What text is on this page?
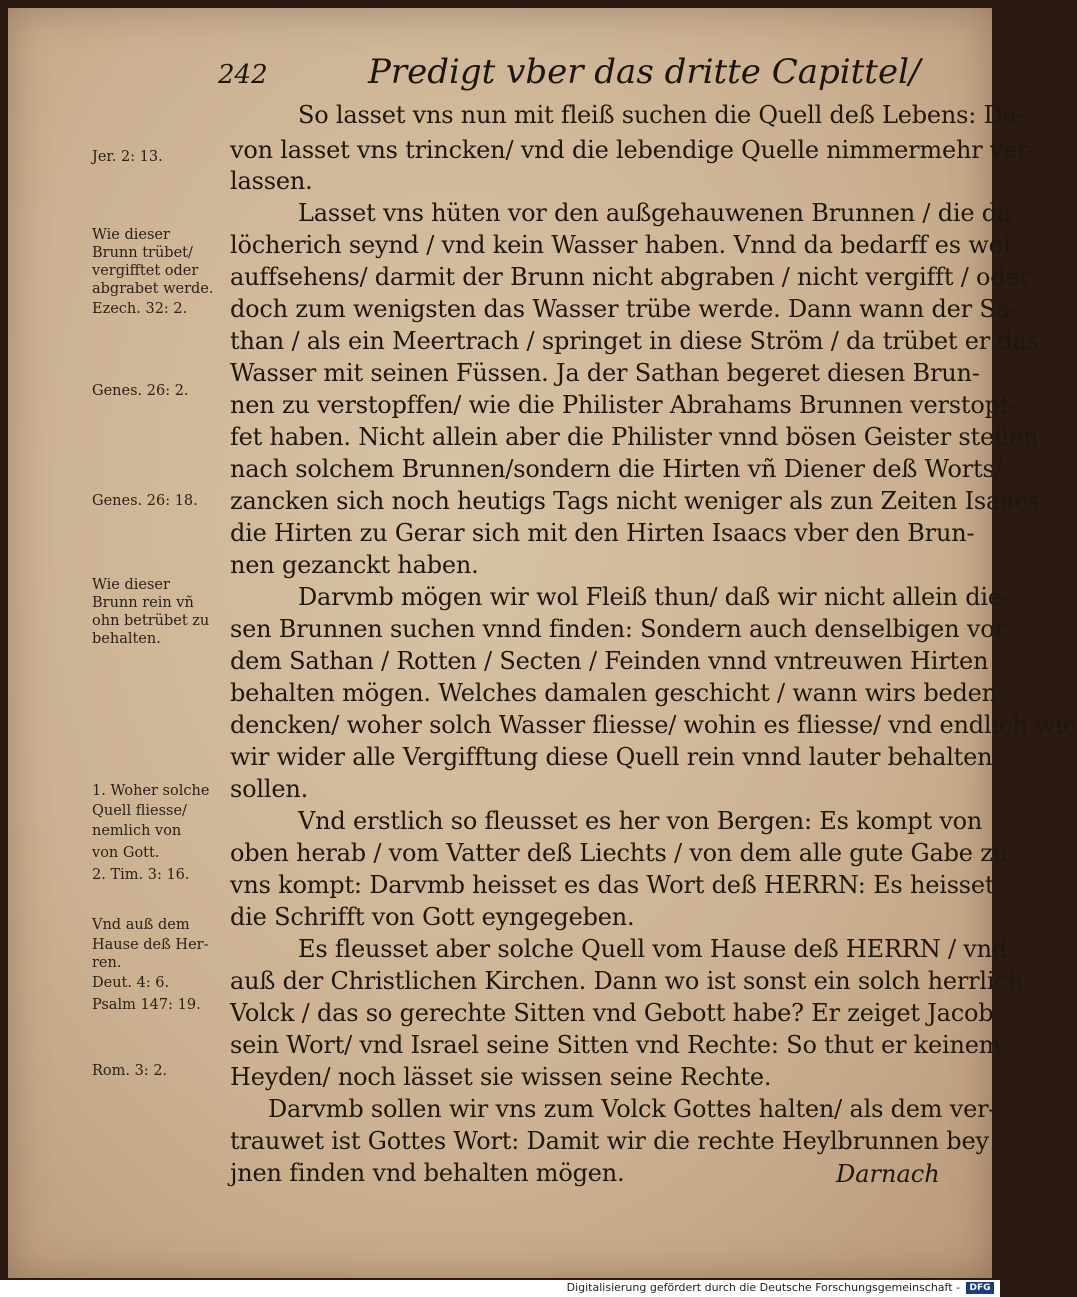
242	Predigt vber das dritte Capittel/
So lasset vns nun mit fleiß suchen die Quell deß Lebens: Da-
von lasset vns trincken/ vnd die lebendige Quelle nimmermehr ver-
lassen.
Lasset vns hüten vor den außgehauwenen Brunnen / die da
löcherich seynd / vnd kein Wasser haben. Vnnd da bedarff es wol
auffsehens/ darmit der Brunn nicht abgraben / nicht vergifft / oder
doch zum wenigsten das Wasser trübe werde. Dann wann der Sa-
than / als ein Meertrach / springet in diese Ström / da trübet er das
Wasser mit seinen Füssen. Ja der Sathan begeret diesen Brun-
nen zu verstopffen/ wie die Philister Abrahams Brunnen verstopf-
fet haben. Nicht allein aber die Philister vnnd bösen Geister stellen
nach solchem Brunnen/sondern die Hirten vñ Diener deß Worts/
zancken sich noch heutigs Tags nicht weniger als zun Zeiten Isaacs
die Hirten zu Gerar sich mit den Hirten Isaacs vber den Brun-
nen gezanckt haben.
Darvmb mögen wir wol Fleiß thun/ daß wir nicht allein die-
sen Brunnen suchen vnnd finden: Sondern auch denselbigen vor
dem Sathan / Rotten / Secten / Feinden vnnd vntreuwen Hirten
behalten mögen. Welches damalen geschicht / wann wirs beden-
dencken/ woher solch Wasser fliesse/ wohin es fliesse/ vnd endlich wie
wir wider alle Vergifftung diese Quell rein vnnd lauter behalten
sollen.
Vnd erstlich so fleusset es her von Bergen: Es kompt von
oben herab / vom Vatter deß Liechts / von dem alle gute Gabe zu
vns kompt: Darvmb heisset es das Wort deß HERRN: Es heisset
die Schrifft von Gott eyngegeben.
Es fleusset aber solche Quell vom Hause deß HERRN / vnd
auß der Christlichen Kirchen. Dann wo ist sonst ein solch herrlich
Volck / das so gerechte Sitten vnd Gebott habe? Er zeiget Jacob
sein Wort/ vnd Israel seine Sitten vnd Rechte: So thut er keinem
Heyden/ noch lässet sie wissen seine Rechte.
Darvmb sollen wir vns zum Volck Gottes halten/ als dem ver-
trauwet ist Gottes Wort: Damit wir die rechte Heylbrunnen bey
jnen finden vnd behalten mögen.
Jer. 2: 13.
Wie dieser
Brunn trübet/
vergifftet oder
abgrabet werde.
Ezech. 32: 2.
Genes. 26: 2.
Genes. 26: 18.
Wie dieser
Brunn rein vñ
ohn betrübet zu
behalten.
1. Woher solche
Quell fliesse/
nemlich von
von Gott.
2. Tim. 3: 16.
Vnd auß dem
Hause deß Her-
ren.
Deut. 4: 6.
Psalm 147: 19.
Rom. 3: 2.
Darnach
Digitalisierung gefördert durch die Deutsche Forschungsgemeinschaft -	DFG
